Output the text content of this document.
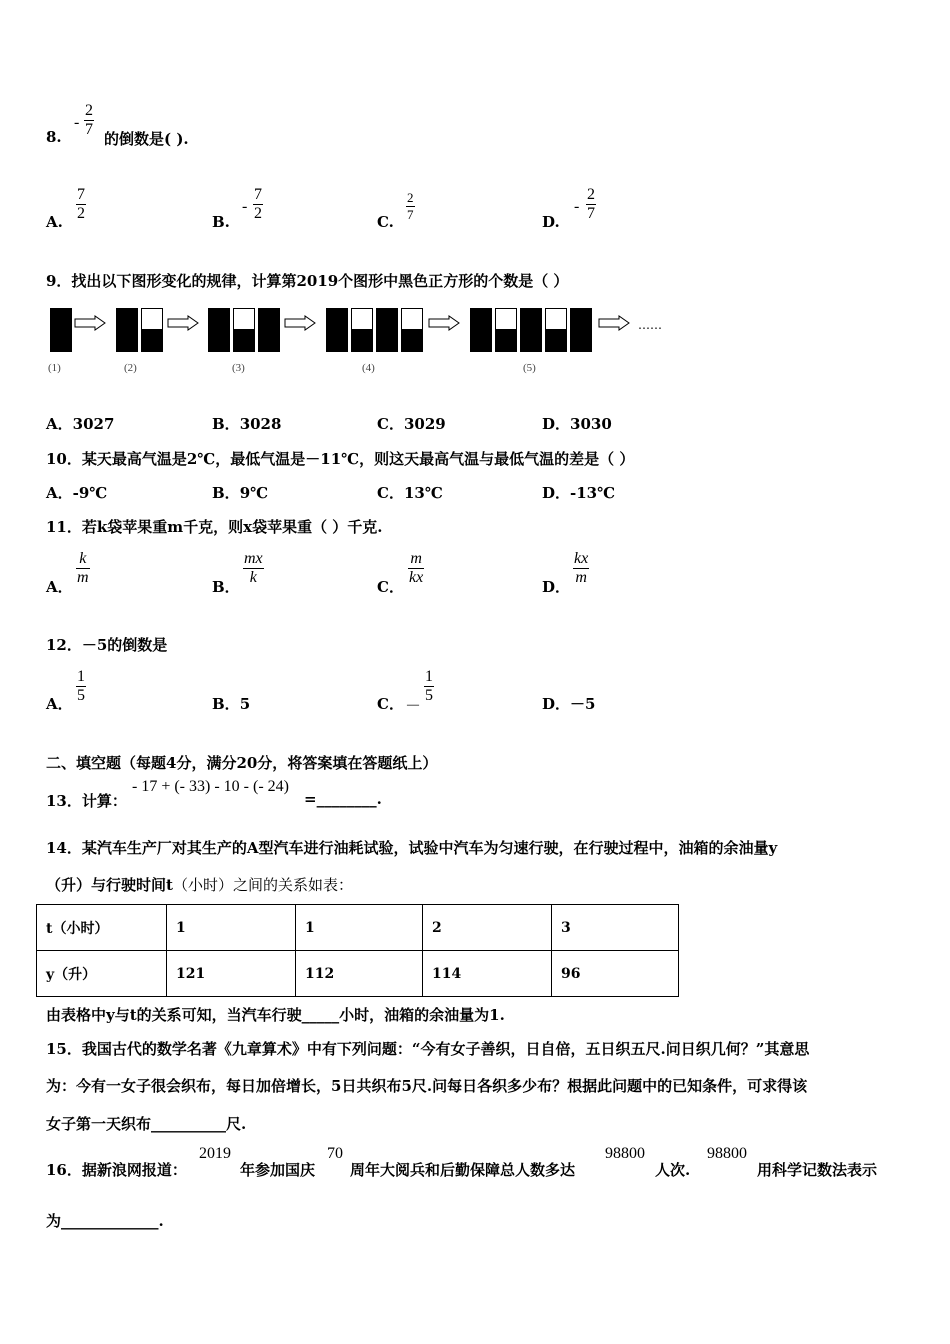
8.
- $\frac{2}{7}$ 的倒数是( ).
A. $\frac{7}{2}$	B.
- $\frac{7}{2}$	C. $\frac{2}{7}$	D.
- $\frac{2}{7}$
9．找出以下图形变化的规律，计算第2019个图形中黑色正方形的个数是（ ）
……
(1)	(2)	(3)	(4)	(5)
A．3027	B．3028	C．3029	D．3030
10．某天最高气温是2℃，最低气温是－11℃，则这天最高气温与最低气温的差是（ ）
A．-9℃	B．9℃	C．13℃	D．-13℃
11．若k袋苹果重m千克，则x袋苹果重（ ）千克.
A． $\frac{k}{m}$	B． $\frac{mx}{k}$	C． $\frac{m}{kx}$	D． $\frac{kx}{m}$
12．－5的倒数是
A． $\frac{1}{5}$	B．5	C． －
$\frac{1}{5}$	D．－5
二、填空题（每题4分，满分20分，将答案填在答题纸上）
13．计算：
- 17 + (- 33) - 10 - (- 24)
=________.
14．某汽车生产厂对其生产的A型汽车进行油耗试验，试验中汽车为匀速行驶，在行驶过程中，油箱的余油量y
（升）与行驶时间t（小时）之间的关系如表：
t（小时）	1	1	2	3
y（升）	121	112	114	96
由表格中y与t的关系可知，当汽车行驶_____小时，油箱的余油量为1.
15．我国古代的数学名著《九章算术》中有下列问题：“今有女子善织，日自倍，五日织五尺.问日织几何？”其意思
为：今有一女子很会织布，每日加倍增长，5日共织布5尺.问每日各织多少布？根据此问题中的已知条件，可求得该
女子第一天织布__________尺.
16．据新浪网报道：
2019
年参加国庆
70
周年大阅兵和后勤保障总人数多达
98800
人次.
98800
用科学记数法表示
为_____________.
